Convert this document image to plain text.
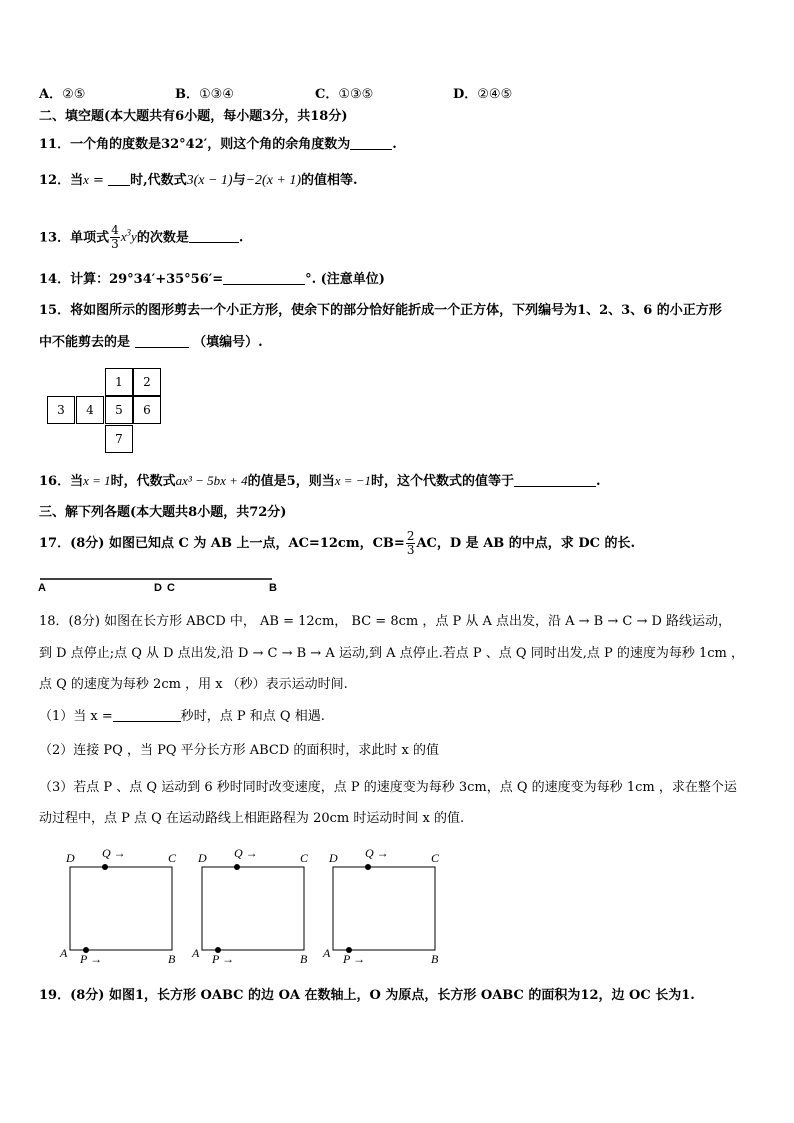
A．②⑤	B．①③④	C．①③⑤	D．②④⑤
二、填空题(本大题共有6小题，每小题3分，共18分)
11．一个角的度数是32°42′，则这个角的余角度数为	.
12．当x = 时,代数式3(x − 1)与−2(x + 1)的值相等.
13．单项式 $\frac{4}{3} x^3y$的次数是	.
14．计算：29°34′+35°56′=	°. (注意单位)
15．将如图所示的图形剪去一个小正方形，使余下的部分恰好能折成一个正方体，下列编号为1、2、3、6 的小正方形
中不能剪去的是	（填编号）.
1	2
3	4	5	6
7
16．当x = 1时，代数式ax³ − 5bx + 4的值是5，则当x = −1时，这个代数式的值等于	.
三、解下列各题(本大题共8小题，共72分)
17．(8分) 如图已知点 C 为 AB 上一点，AC=12cm，$CB= \frac{2}{3}$ AC，D 是 AB 的中点，求 DC 的长.
A	D C	B
18．(8分) 如图在长方形 ABCD 中， AB = 12cm， BC = 8cm ，点 P 从 A 点出发，沿 A → B → C → D 路线运动，
到 D 点停止;点 Q 从 D 点出发,沿 D → C → B → A 运动,到 A 点停止.若点 P 、点 Q 同时出发,点 P 的速度为每秒 1cm ，
点 Q 的速度为每秒 2cm ，用 x （秒）表示运动时间.
（1）当 x =	秒时，点 P 和点 Q 相遇.
（2）连接 PQ ，当 PQ 平分长方形 ABCD 的面积时，求此时 x 的值
（3）若点 P 、点 Q 运动到 6 秒时同时改变速度，点 P 的速度变为每秒 3cm，点 Q 的速度变为每秒 1cm ，求在整个运
动过程中，点 P 点 Q 在运动路线上相距路程为 20cm 时运动时间 x 的值.
D Q →	C
A P →	B
D Q →	C
A P →	B
D Q →	C
A P →	B
19．(8分) 如图1，长方形 OABC 的边 OA 在数轴上，O 为原点，长方形 OABC 的面积为12，边 OC 长为1.
